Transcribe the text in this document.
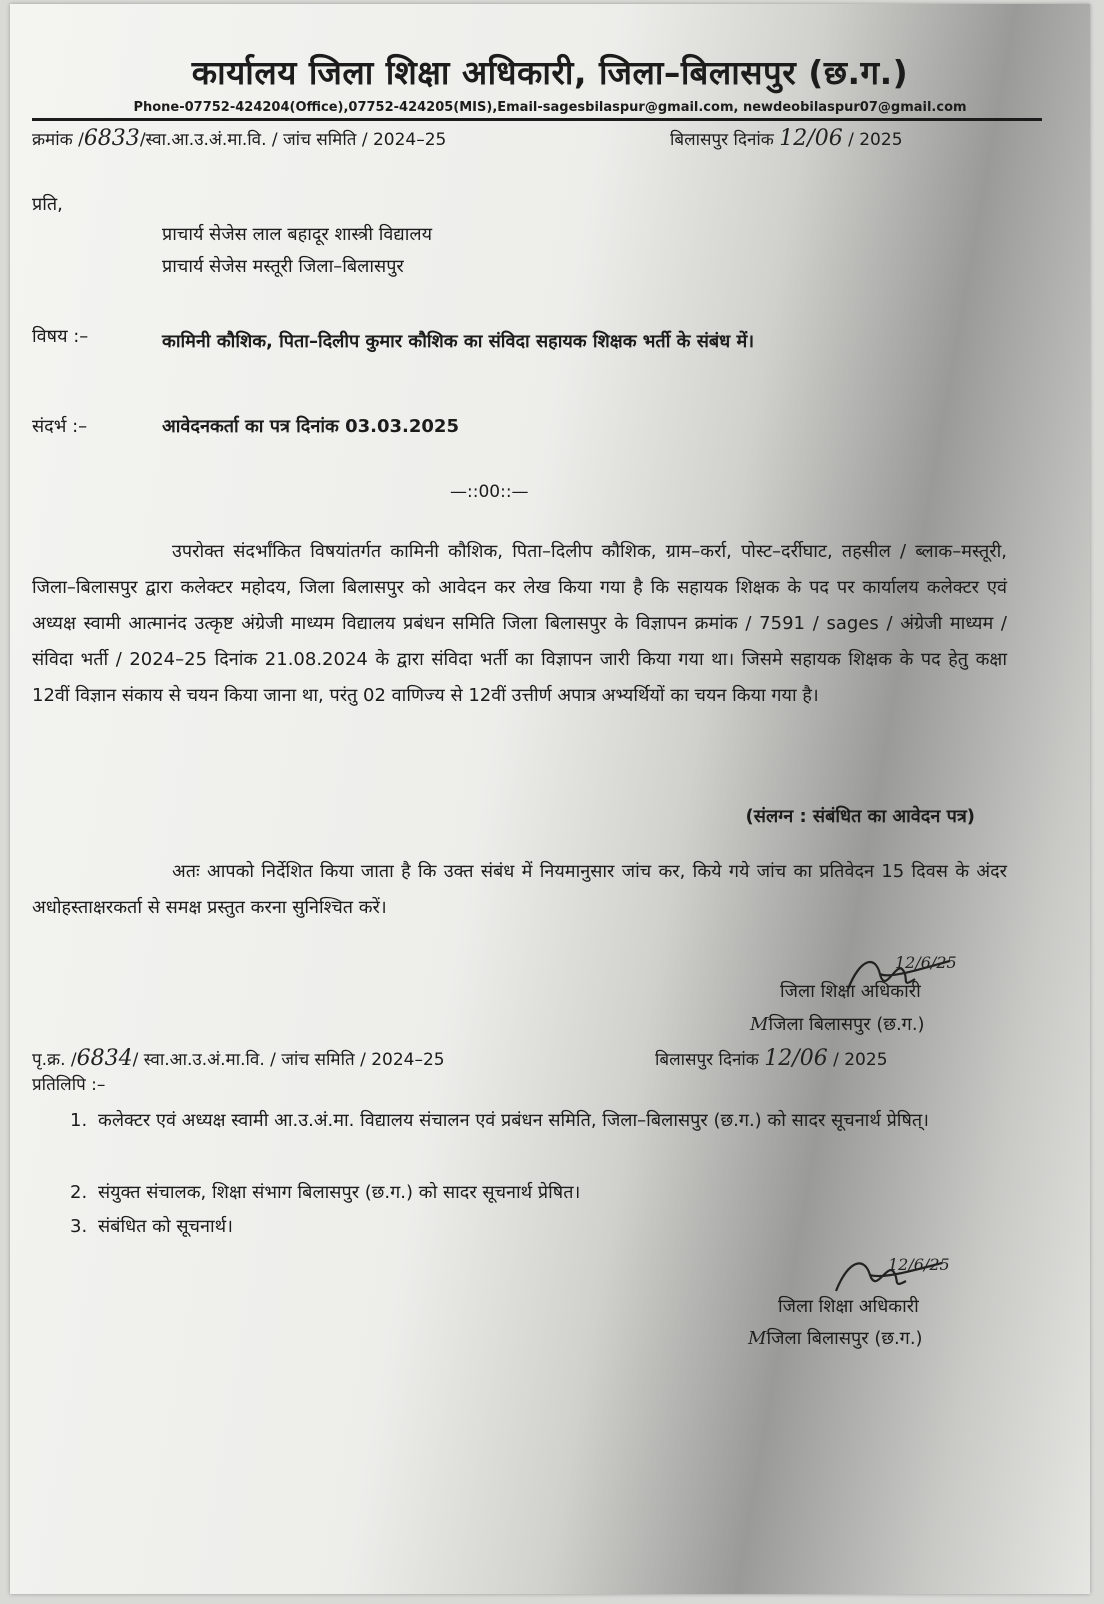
कार्यालय जिला शिक्षा अधिकारी, जिला–बिलासपुर (छ.ग.)
Phone-07752-424204(Office),07752-424205(MIS),Email-sagesbilaspur@gmail.com, newdeobilaspur07@gmail.com
क्रमांक /6833/स्वा.आ.उ.अं.मा.वि. / जांच समिति / 2024–25	बिलासपुर दिनांक 12/06 / 2025
प्रति,
प्राचार्य सेजेस लाल बहादूर शास्त्री विद्यालय
प्राचार्य सेजेस मस्तूरी जिला–बिलासपुर
विषय :–	कामिनी कौशिक, पिता–दिलीप कुमार कौशिक का संविदा सहायक शिक्षक भर्ती के संबंध में।
संदर्भ :–	आवेदनकर्ता का पत्र दिनांक 03.03.2025
—::00::—
उपरोक्त संदर्भांकित विषयांतर्गत कामिनी कौशिक, पिता–दिलीप कौशिक, ग्राम–कर्रा, पोस्ट–दर्रीघाट, तहसील / ब्लाक–मस्तूरी, जिला–बिलासपुर द्वारा कलेक्टर महोदय, जिला बिलासपुर को आवेदन कर लेख किया गया है कि सहायक शिक्षक के पद पर कार्यालय कलेक्टर एवं अध्यक्ष स्वामी आत्मानंद उत्कृष्ट अंग्रेजी माध्यम विद्यालय प्रबंधन समिति जिला बिलासपुर के विज्ञापन क्रमांक / 7591 / sages / अंग्रेजी माध्यम / संविदा भर्ती / 2024–25 दिनांक 21.08.2024 के द्वारा संविदा भर्ती का विज्ञापन जारी किया गया था। जिसमे सहायक शिक्षक के पद हेतु कक्षा 12वीं विज्ञान संकाय से चयन किया जाना था, परंतु 02 वाणिज्य से 12वीं उत्तीर्ण अपात्र अभ्यर्थियों का चयन किया गया है।
(संलग्न : संबंधित का आवेदन पत्र)
अतः आपको निर्देशित किया जाता है कि उक्त संबंध में नियमानुसार जांच कर, किये गये जांच का प्रतिवेदन 15 दिवस के अंदर अधोहस्ताक्षरकर्ता से समक्ष प्रस्तुत करना सुनिश्चित करें।
12/6/25
जिला शिक्षा अधिकारी
Mजिला बिलासपुर (छ.ग.)
पृ.क्र. /6834/ स्वा.आ.उ.अं.मा.वि. / जांच समिति / 2024–25	बिलासपुर दिनांक 12/06 / 2025
प्रतिलिपि :–
1. कलेक्टर एवं अध्यक्ष स्वामी आ.उ.अं.मा. विद्यालय संचालन एवं प्रबंधन समिति, जिला–बिलासपुर (छ.ग.) को सादर सूचनार्थ प्रेषित्।
2. संयुक्त संचालक, शिक्षा संभाग बिलासपुर (छ.ग.) को सादर सूचनार्थ प्रेषित।
3. संबंधित को सूचनार्थ।
12/6/25
जिला शिक्षा अधिकारी
Mजिला बिलासपुर (छ.ग.)
